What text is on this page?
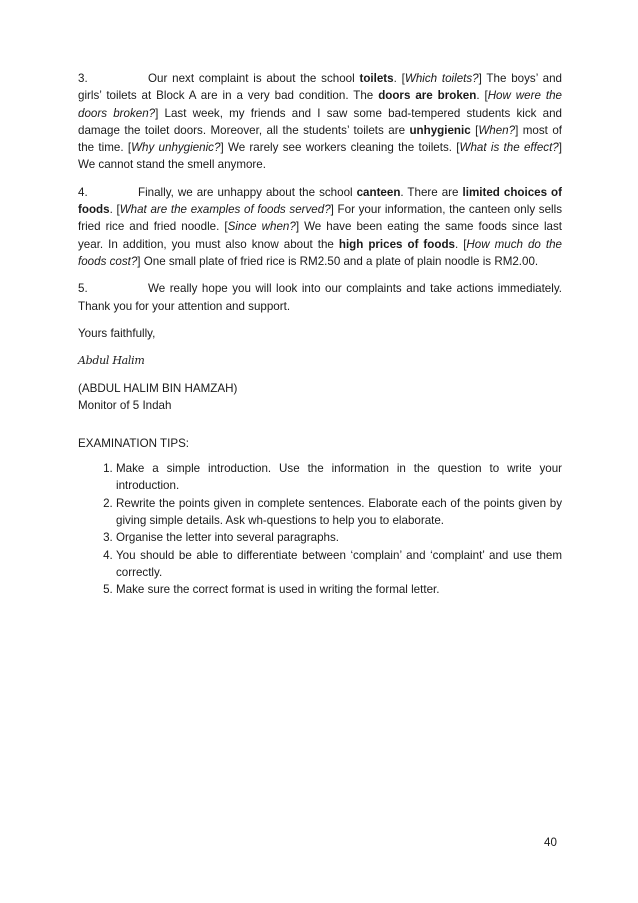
3.	Our next complaint is about the school toilets. [Which toilets?] The boys’ and girls’ toilets at Block A are in a very bad condition. The doors are broken. [How were the doors broken?] Last week, my friends and I saw some bad-tempered students kick and damage the toilet doors. Moreover, all the students’ toilets are unhygienic [When?] most of the time. [Why unhygienic?] We rarely see workers cleaning the toilets. [What is the effect?] We cannot stand the smell anymore.

4.	Finally, we are unhappy about the school canteen. There are limited choices of foods. [What are the examples of foods served?] For your information, the canteen only sells fried rice and fried noodle. [Since when?] We have been eating the same foods since last year. In addition, you must also know about the high prices of foods. [How much do the foods cost?] One small plate of fried rice is RM2.50 and a plate of plain noodle is RM2.00.

5.	We really hope you will look into our complaints and take actions immediately. Thank you for your attention and support.

Yours faithfully,

Abdul Halim

(ABDUL HALIM BIN HAMZAH)

Monitor of 5 Indah

EXAMINATION TIPS:

1. Make a simple introduction. Use the information in the question to write your introduction.
2. Rewrite the points given in complete sentences. Elaborate each of the points given by giving simple details. Ask wh-questions to help you to elaborate.
3. Organise the letter into several paragraphs.
4. You should be able to differentiate between ‘complain’ and ‘complaint’ and use them correctly.
5. Make sure the correct format is used in writing the formal letter.
40
